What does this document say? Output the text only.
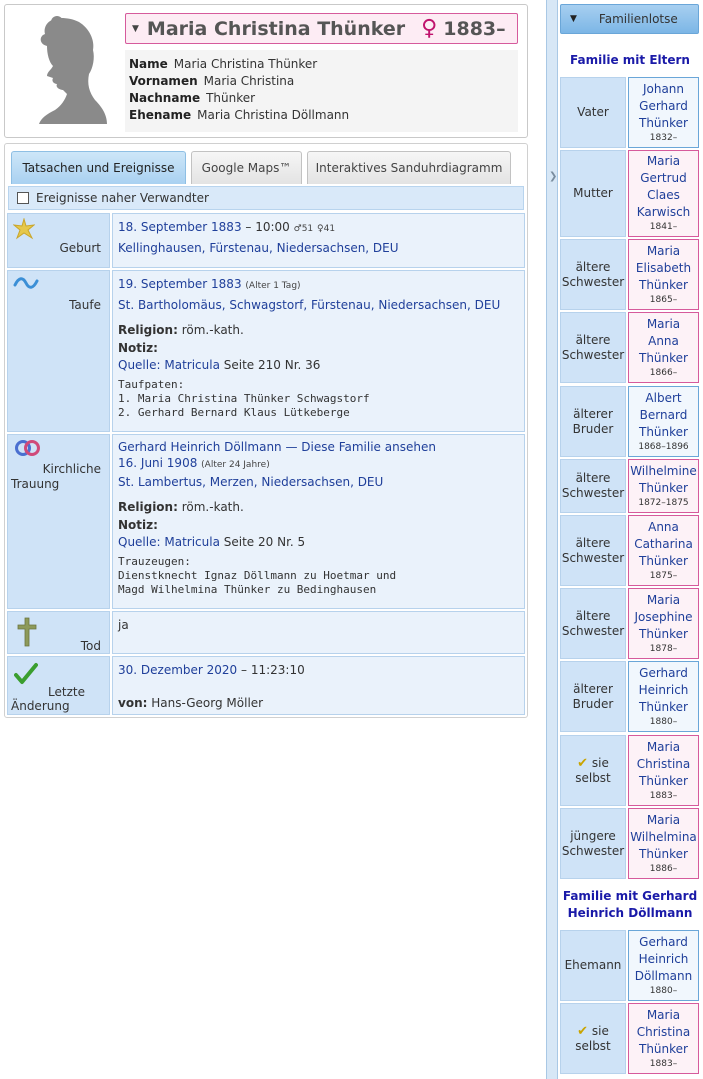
▼ Maria Christina Thünker ♀ 1883–
Name Maria Christina Thünker
Vornamen Maria Christina
Nachname Thünker
Ehename Maria Christina Döllmann
Tatsachen und Ereignisse	Google Maps™	Interaktives Sanduhrdiagramm
Ereignisse naher Verwandter
Geburt
18. September 1883 – 10:00 ♂51 ♀41
Kellinghausen, Fürstenau, Niedersachsen, DEU
Taufe
19. September 1883 (Alter 1 Tag)
St. Bartholomäus, Schwagstorf, Fürstenau, Niedersachsen, DEU
Religion: röm.-kath.
Notiz:
Quelle: Matricula Seite 210 Nr. 36
Taufpaten:
1. Maria Christina Thünker Schwagstorf
2. Gerhard Bernard Klaus Lütkeberge
Kirchliche
Trauung
Gerhard Heinrich Döllmann — Diese Familie ansehen
16. Juni 1908 (Alter 24 Jahre)
St. Lambertus, Merzen, Niedersachsen, DEU
Religion: röm.-kath.
Notiz:
Quelle: Matricula Seite 20 Nr. 5
Trauzeugen:
Dienstknecht Ignaz Döllmann zu Hoetmar und
Magd Wilhelmina Thünker zu Bedinghausen
Tod
ja
Letzte
Änderung
30. Dezember 2020 – 11:23:10
von: Hans-Georg Möller
❯
▼ Familienlotse
Familie mit Eltern
Familie mit Gerhard
Heinrich Döllmann
Vater
Johann
Gerhard
Thünker
1832–
Mutter
Maria
Gertrud
Claes
Karwisch
1841–
ältere
Schwester
Maria
Elisabeth
Thünker
1865–
ältere
Schwester
Maria
Anna
Thünker
1866–
älterer
Bruder
Albert
Bernard
Thünker
1868–1896
ältere
Schwester
Wilhelmine
Thünker
1872–1875
ältere
Schwester
Anna
Catharina
Thünker
1875–
ältere
Schwester
Maria
Josephine
Thünker
1878–
älterer
Bruder
Gerhard
Heinrich
Thünker
1880–
✔ sie
selbst
Maria
Christina
Thünker
1883–
jüngere
Schwester
Maria
Wilhelmina
Thünker
1886–
Ehemann
Gerhard
Heinrich
Döllmann
1880–
✔ sie
selbst
Maria
Christina
Thünker
1883–
